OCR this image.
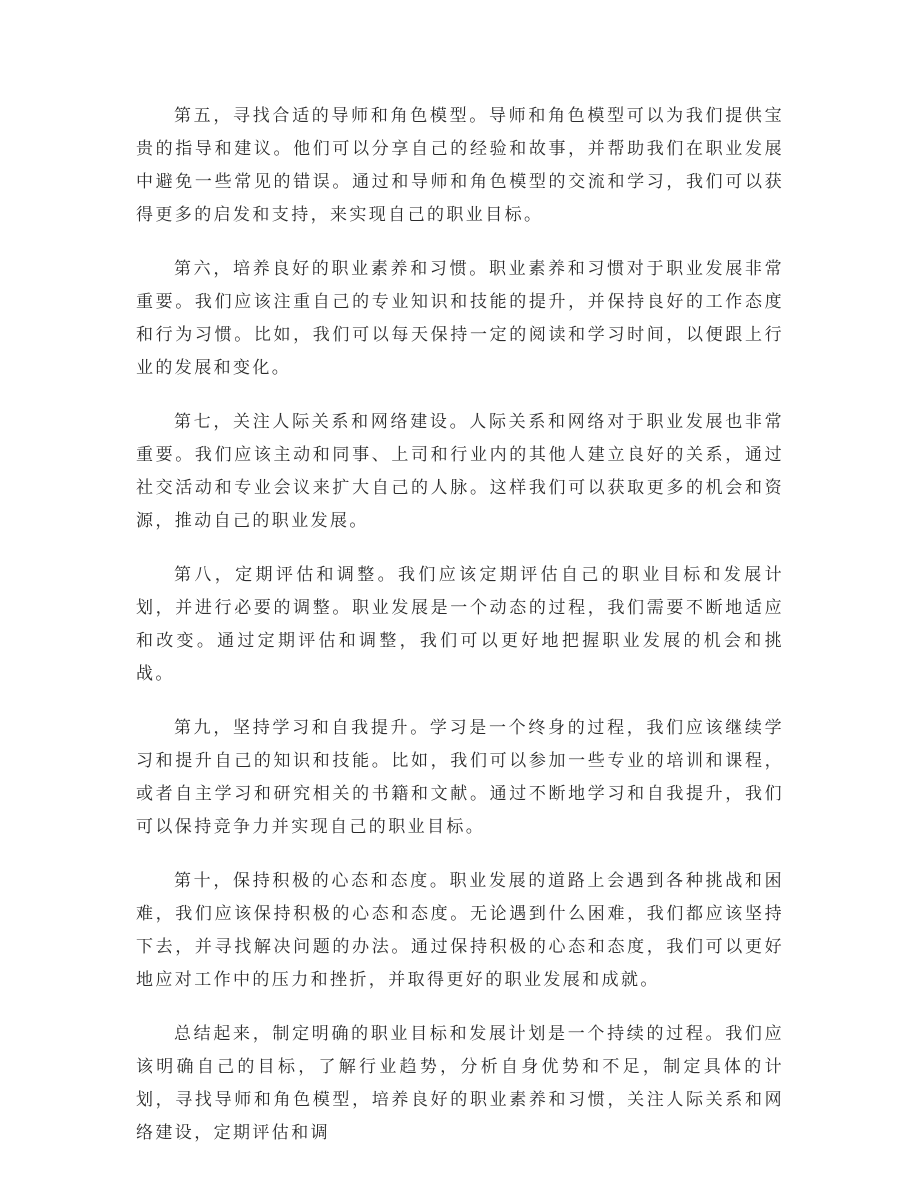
第五，寻找合适的导师和角色模型。导师和角色模型可以为我们提供宝贵的指导和建议。他们可以分享自己的经验和故事，并帮助我们在职业发展中避免一些常见的错误。通过和导师和角色模型的交流和学习，我们可以获得更多的启发和支持，来实现自己的职业目标。

第六，培养良好的职业素养和习惯。职业素养和习惯对于职业发展非常重要。我们应该注重自己的专业知识和技能的提升，并保持良好的工作态度和行为习惯。比如，我们可以每天保持一定的阅读和学习时间，以便跟上行业的发展和变化。

第七，关注人际关系和网络建设。人际关系和网络对于职业发展也非常重要。我们应该主动和同事、上司和行业内的其他人建立良好的关系，通过社交活动和专业会议来扩大自己的人脉。这样我们可以获取更多的机会和资源，推动自己的职业发展。

第八，定期评估和调整。我们应该定期评估自己的职业目标和发展计划，并进行必要的调整。职业发展是一个动态的过程，我们需要不断地适应和改变。通过定期评估和调整，我们可以更好地把握职业发展的机会和挑战。

第九，坚持学习和自我提升。学习是一个终身的过程，我们应该继续学习和提升自己的知识和技能。比如，我们可以参加一些专业的培训和课程，或者自主学习和研究相关的书籍和文献。通过不断地学习和自我提升，我们可以保持竞争力并实现自己的职业目标。

第十，保持积极的心态和态度。职业发展的道路上会遇到各种挑战和困难，我们应该保持积极的心态和态度。无论遇到什么困难，我们都应该坚持下去，并寻找解决问题的办法。通过保持积极的心态和态度，我们可以更好地应对工作中的压力和挫折，并取得更好的职业发展和成就。

总结起来，制定明确的职业目标和发展计划是一个持续的过程。我们应该明确自己的目标，了解行业趋势，分析自身优势和不足，制定具体的计划，寻找导师和角色模型，培养良好的职业素养和习惯，关注人际关系和网络建设，定期评估和调
